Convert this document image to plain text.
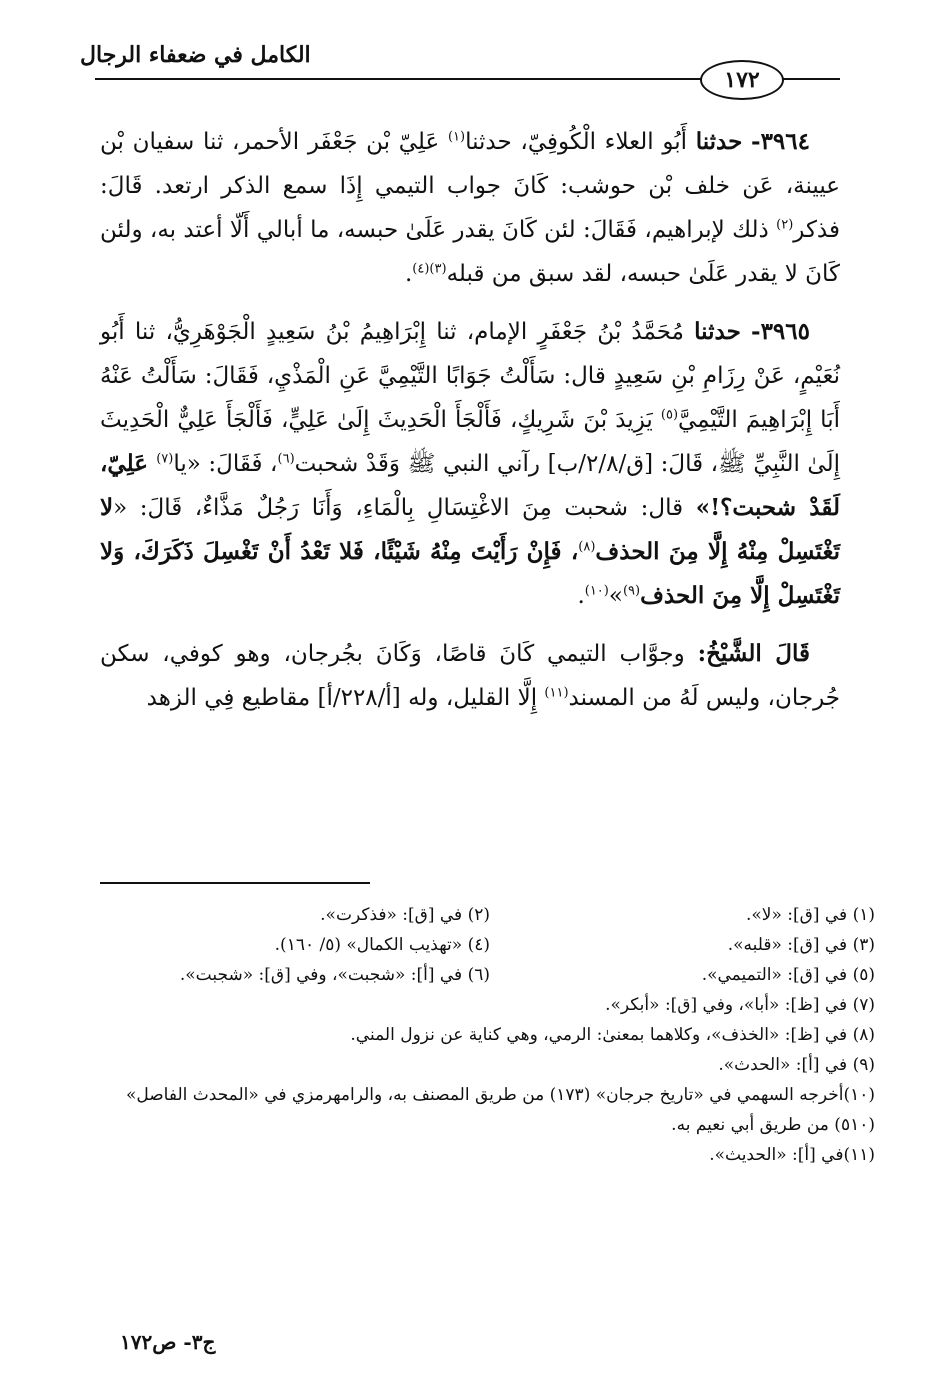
الكامل في ضعفاء الرجال
١٧٢

٣٩٦٤- حدثنا أَبُو العلاء الْكُوفِيّ، حدثنا$^{(١)}$ عَلِيّ بْن جَعْفَر الأحمر، ثنا سفيان بْن عيينة، عَن خلف بْن حوشب: كَانَ جواب التيمي إِذَا سمع الذكر ارتعد. قَالَ: فذكر$^{(٢)}$ ذلك لإبراهيم، فَقَالَ: لئن كَانَ يقدر عَلَىٰ حبسه، ما أبالي أَلّا أعتد به، ولئن كَانَ لا يقدر عَلَىٰ حبسه، لقد سبق من قبله$^{(٣)(٤)}$.

٣٩٦٥- حدثنا مُحَمَّدُ بْنُ جَعْفَرٍ الإمام، ثنا إِبْرَاهِيمُ بْنُ سَعِيدٍ الْجَوْهَرِيُّ، ثنا أَبُو نُعَيْمٍ، عَنْ رِزَامِ بْنِ سَعِيدٍ قال: سَأَلْتُ جَوَابًا التَّيْمِيَّ عَنِ الْمَذْيِ، فَقَالَ: سَأَلْتُ عَنْهُ أَبَا إِبْرَاهِيمَ التَّيْمِيَّ$^{(٥)}$ يَزِيدَ بْنَ شَرِيكٍ، فَأَلْجَأَ الْحَدِيثَ إِلَىٰ عَلِيٍّ، فَأَلْجَأَ عَلِيٌّ الْحَدِيثَ إِلَىٰ النَّبِيِّ ﷺ، قَالَ: [ق/٢/٨/ب] رآني النبي ﷺ وَقَدْ شحبت$^{(٦)}$، فَقَالَ: «يا$^{(٧)}$ عَلِيّ، لَقَدْ شحبت؟!» قال: شحبت مِنَ الاغْتِسَالِ بِالْمَاءِ، وَأَنَا رَجُلٌ مَذَّاءٌ، قَالَ: «لا تَغْتَسِلْ مِنْهُ إِلَّا مِنَ الحذف$^{(٨)}$، فَإِنْ رَأَيْتَ مِنْهُ شَيْئًا، فَلا تَعْدُ أَنْ تَغْسِلَ ذَكَرَكَ، وَلا تَغْتَسِلْ إِلَّا مِنَ الحذف$^{(٩)}$»$^{(١٠)}$.

قَالَ الشَّيْخُ: وجوَّاب التيمي كَانَ قاصًا، وَكَانَ بجُرجان، وهو كوفي، سكن جُرجان، وليس لَهُ من المسند$^{(١١)}$ إِلَّا القليل، وله [أ/٢٢٨/أ] مقاطيع فِي الزهد

(١) في [ق]: «لا».
(٢) في [ق]: «فذكرت».
(٣) في [ق]: «قلبه».
(٤) «تهذيب الكمال» (٥/ ١٦٠).
(٥) في [ق]: «التميمي».
(٦) في [أ]: «شجبت»، وفي [ق]: «شجبت».
(٧) في [ظ]: «أبا»، وفي [ق]: «أبكر».
(٨) في [ظ]: «الخذف»، وكلاهما بمعنىٰ: الرمي، وهي كناية عن نزول المني.
(٩) في [أ]: «الحدث».
(١٠)أخرجه السهمي في «تاريخ جرجان» (١٧٣) من طريق المصنف به، والرامهرمزي في «المحدث الفاصل» (٥١٠) من طريق أبي نعيم به.
(١١)في [أ]: «الحديث».
ج٣- ص١٧٢
